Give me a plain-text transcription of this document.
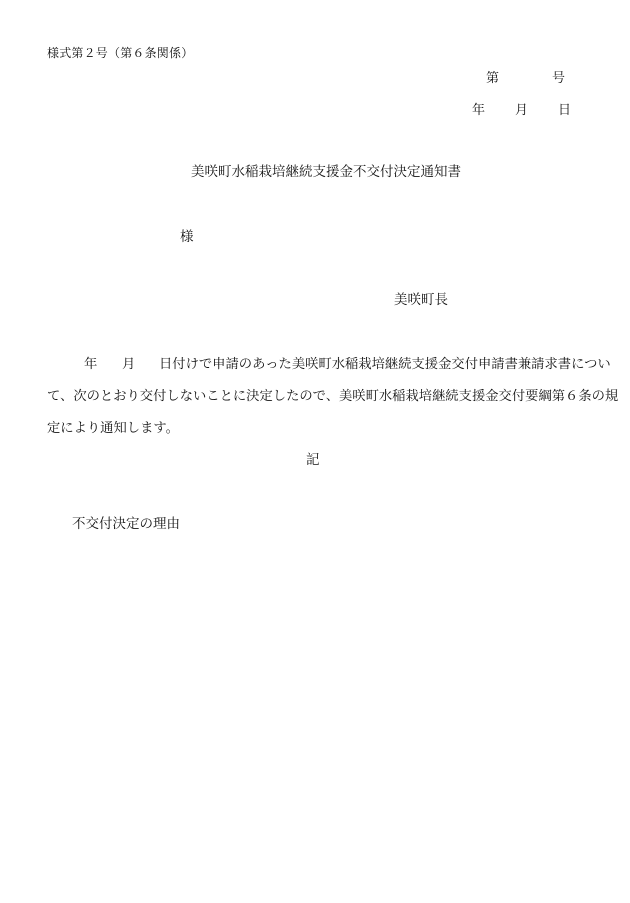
様式第２号（第６条関係）
第	号
年 月 日
美咲町水稲栽培継続支援金不交付決定通知書
様
美咲町長
年 月 日付けで申請のあった美咲町水稲栽培継続支援金交付申請書兼請求書につい
て、次のとおり交付しないことに決定したので、美咲町水稲栽培継続支援金交付要綱第６条の規
定により通知します。
記
不交付決定の理由
